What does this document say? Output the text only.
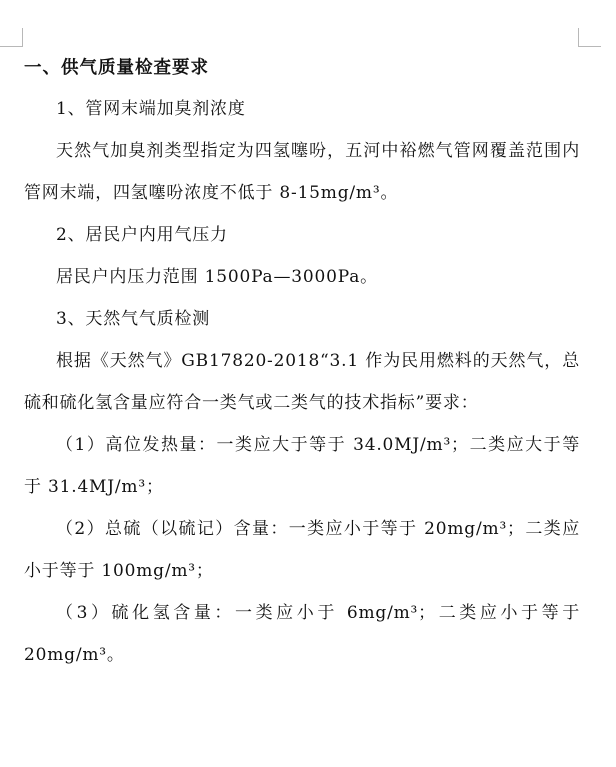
一、供气质量检查要求

1、管网末端加臭剂浓度

天然气加臭剂类型指定为四氢噻吩，五河中裕燃气管网覆盖范围内管网末端，四氢噻吩浓度不低于 8-15mg/m³。

2、居民户内用气压力

居民户内压力范围 1500Pa—3000Pa。

3、天然气气质检测

根据《天然气》GB17820-2018“3.1 作为民用燃料的天然气，总硫和硫化氢含量应符合一类气或二类气的技术指标”要求：

（1）高位发热量：一类应大于等于 34.0MJ/m³；二类应大于等于 31.4MJ/m³；

（2）总硫（以硫记）含量：一类应小于等于 20mg/m³；二类应小于等于 100mg/m³；

（3）硫化氢含量：一类应小于 6mg/m³；二类应小于等于 20mg/m³。
